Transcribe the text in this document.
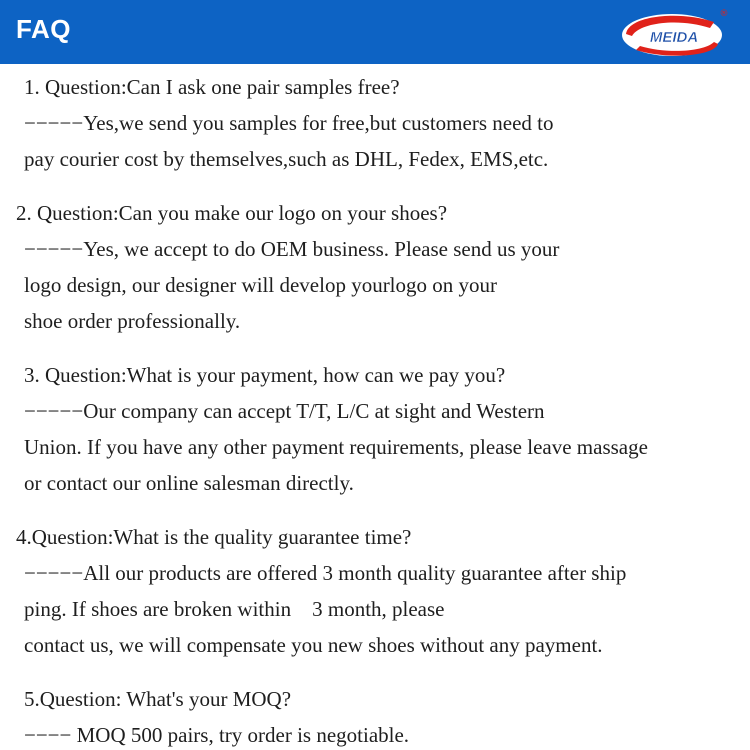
FAQ	MEIDA
®
1. Question:Can I ask one pair samples free?
−−−−−Yes,we send you samples for free,but customers need to
pay courier cost by themselves,such as DHL, Fedex, EMS,etc.
2. Question:Can you make our logo on your shoes?
−−−−−Yes, we accept to do OEM business. Please send us your
logo design, our designer will develop yourlogo on your
shoe order professionally.
3. Question:What is your payment, how can we pay you?
−−−−−Our company can accept T/T, L/C at sight and Western
Union. If you have any other payment requirements, please leave massage
or contact our online salesman directly.
4.Question:What is the quality guarantee time?
−−−−−All our products are offered 3 month quality guarantee after ship
ping. If shoes are broken within    3 month, please
contact us, we will compensate you new shoes without any payment.
5.Question: What's your MOQ?
−−−− MOQ 500 pairs, try order is negotiable.
